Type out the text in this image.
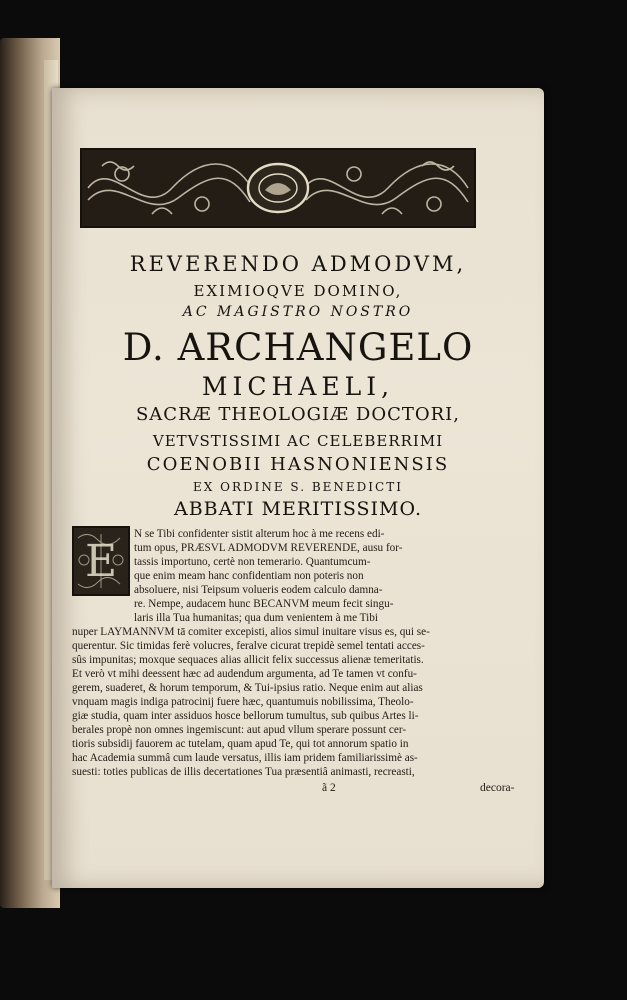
REVERENDO ADMODVM,
EXIMIOQVE DOMINO,
AC MAGISTRO NOSTRO
D. ARCHANGELO
MICHAELI,
SACRÆ THEOLOGIÆ DOCTORI,
VETVSTISSIMI AC CELEBERRIMI
COENOBII HASNONIENSIS
EX ORDINE S. BENEDICTI
ABBATI MERITISSIMO.
E
N se Tibi confidenter sistit alterum hoc à me recens edi-
tum opus, PRÆSVL ADMODVM REVERENDE, ausu for-
tassis importuno, certè non temerario. Quantumcum-
que enim meam hanc confidentiam non poteris non
absoluere, nisi Teipsum volueris eodem calculo damna-
re. Nempe, audacem hunc BECANVM meum fecit singu-
laris illa Tua humanitas; qua dum venientem à me Tibi
nuper LAYMANNVM tā comiter excepisti, alios simul inuitare visus es, qui se-
querentur. Sic timidas ferè volucres, feralve cicurat trepidè semel tentati acces-
sûs impunitas; moxque sequaces alias allicit felix successus alienæ temeritatis.
Et verò vt mihi deessent hæc ad audendum argumenta, ad Te tamen vt confu-
gerem, suaderet, & horum temporum, & Tui-ipsius ratio. Neque enim aut alias
vnquam magis indiga patrocinij fuere hæc, quantumuis nobilissima, Theolo-
giæ studia, quam inter assiduos hosce bellorum tumultus, sub quibus Artes li-
berales propè non omnes ingemiscunt: aut apud vllum sperare possunt cer-
tioris subsidij fauorem ac tutelam, quam apud Te, qui tot annorum spatio in
hac Academia summâ cum laude versatus, illis iam pridem familiarissimè as-
suesti: toties publicas de illis decertationes Tua præsentiâ animasti, recreasti,
ã 2	decora-
